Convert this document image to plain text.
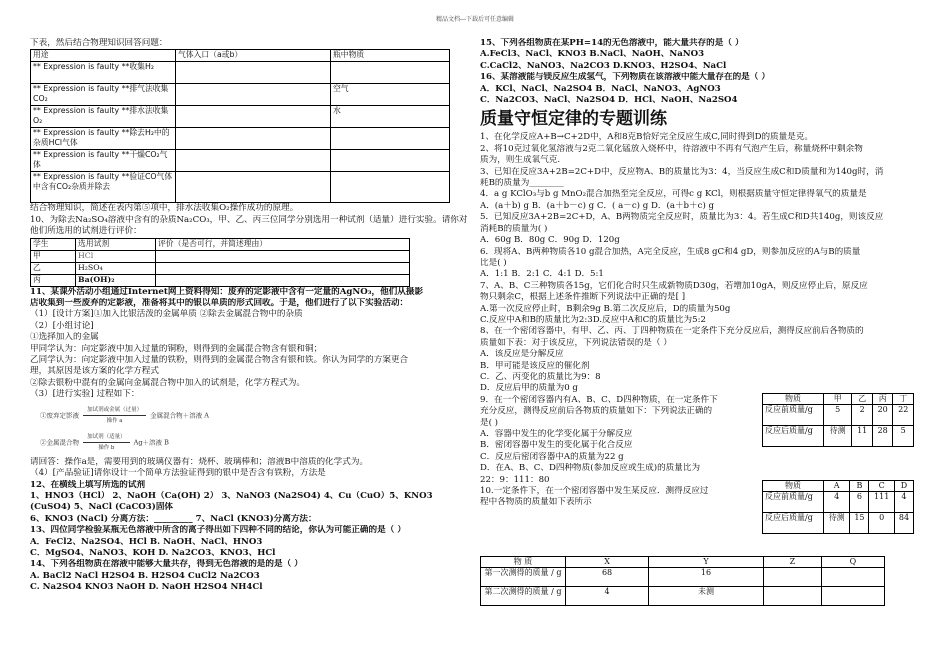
精品文档---下载后可任意编辑
下表，然后结合物理知识回答问题：
用途	气体入口（a或b）	瓶中物质
** Expression is faulty **收集H₂		
** Expression is faulty **排气法收集CO₂		空气
** Expression is faulty **排水法收集O₂		水
** Expression is faulty **除去H₂中的杂质HCl气体		
** Expression is faulty **干燥CO₂气体		
** Expression is faulty **验证CO气体中含有CO₂杂质并除去		
结合物理知识，简述在表内第⑤项中，排水法收集O₂操作成功的原理。
10、为除去Na₂SO₄溶液中含有的杂质Na₂CO₃，甲、乙、丙三位同学分别选用一种试剂（适量）进行实验。请你对他们所选用的试剂进行评价：
学生	选用试剂	评价（是否可行，并简述理由）
甲	HCl	
乙	H₂SO₄	
丙	Ba(OH)₂	
11、某课外活动小组通过Internet网上资料得知：废弃的定影液中含有一定量的AgNO₃，他们从摄影
店收集到一些废弃的定影液，准备将其中的银以单质的形式回收。于是，他们进行了以下实验活动：
（1）[设计方案]①加入比银活泼的金属单质 ②除去金属混合物中的杂质
（2）[小组讨论]
①选择加入的金属
甲同学认为：向定影液中加入过量的铜粉，则得到的金属混合物含有银和铜；
乙同学认为：向定影液中加入过量的铁粉，则得到的金属混合物含有银和铁。你认为同学的方案更合
理，其原因是该方案的化学方程式
②除去银粉中混有的金属向金属混合物中加入的试剂是，化学方程式为。
（3）[进行实验] 过程如下：
①废弃定影液 加试剂或金属（过量）
操作 a 金属混合物＋溶液 A
②金属混合物 加试剂（适量）
操作 b Ag＋溶液 B
请回答：操作a是，需要用到的玻璃仪器有：烧杯、玻璃棒和；溶液B中溶质的化学式为。
（4）[产品验证]请你设计一个简单方法验证得到的银中是否含有铁粉，方法是
12、在横线上填写所选的试剂
1、HNO3（HCl） 2、NaOH（Ca(OH) 2） 3、NaNO3 (Na2SO4) 4、Cu（CuO）5、KNO3
(CuSO4) 5、NaCl (CaCO3)固体
6、KNO3 (NaCl) 分离方法：_________ 7、NaCl (KNO3)分离方法：
13、四位同学检验某瓶无色溶液中所含的离子得出如下四种不同的结论，你认为可能正确的是（ ）
A．FeCl2、Na2SO4、HCl B. NaOH、NaCl、HNO3
C．MgSO4、NaNO3、KOH D. Na2CO3、KNO3、HCl
14、下列各组物质在溶液中能够大量共存，得到无色溶液的是的是（ ）
A. BaCl2 NaCl H2SO4 B. H2SO4 CuCl2 Na2CO3
C. Na2SO4 KNO3 NaOH D. NaOH H2SO4 NH4Cl
15、下列各组物质在某PH=14的无色溶液中，能大量共存的是（ ）
A.FeCl3、NaCl、KNO3 B.NaCl、NaOH、NaNO3
C.CaCl2、NaNO3、Na2CO3 D.KNO3、H2SO4、NaCl
16、某溶液能与镁反应生成氢气，下列物质在该溶液中能大量存在的是（ ）
A．KCl、NaCl、Na2SO4 B．NaCl、NaNO3、AgNO3
C．Na2CO3、NaCl、Na2SO4 D．HCl、NaOH、Na2SO4
质量守恒定律的专题训练
1、在化学反应A+B→C+2D中，A和8克B恰好完全反应生成C,同时得到D的质量是克。
2、将10克过氧化氢溶液与2克二氧化锰放入烧杯中，待溶液中不再有气泡产生后，称量烧杯中剩余物
质为，则生成氧气克.
3、已知在反应3A+2B=2C+D中，反应物A、B的质量比为3：4，当反应生成C和D质量和为140g时，消
耗B的质量为________
4．a g KClO₃与b g MnO₂混合加热至完全反应，可得c g KCl，则根据质量守恒定律得氧气的质量是
A．(a＋b) g B．(a＋b－c) g C．( a－c) g D．(a＋b＋c) g
5．已知反应3A+2B=2C+D，A、B两物质完全反应时，质量比为3：4。若生成C和D共140g，则该反应
消耗B的质量为( )
A．60g B．80g C．90g D．120g
6．现将A、B两种物质各10 g混合加热，A完全反应，生成8 gC和4 gD，则参加反应的A与B的质量
比是( )
A．1:1 B．2:1 C．4:1 D．5:1
7、A、B、C三种物质各15g，它们化合时只生成新物质D30g，若增加10gA，则反应停止后，原反应
物只剩余C，根据上述条件推断下列说法中正确的是[ ]
A.第一次反应停止时，B剩余9g B.第二次反应后，D的质量为50g
C.反应中A和B的质量比为2:3D.反应中A和C的质量比为5:2
8、在一个密闭容器中，有甲、乙、丙、丁四种物质在一定条件下充分反应后，测得反应前后各物质的
质量如下表：对于该反应，下列说法错误的是（ ）
A．该反应是分解反应
B．甲可能是该反应的催化剂
C．乙、丙变化的质量比为9：8
D．反应后甲的质量为0 g
9．在一个密闭容器内有A、B、C、D四种物质，在一定条件下
充分反应，测得反应前后各物质的质量如下：下列说法正确的
是( )
A．容器中发生的化学变化属于分解反应
B．密闭容器中发生的变化属于化合反应
C．反应后密闭容器中A的质量为22 g
D．在A、B、C、D四种物质(参加反应或生成)的质量比为
22：9：111：80
10.一定条件下，在一个密闭容器中发生某反应．测得反应过
程中各物质的质量如下表所示
物质	甲	乙	丙	丁
反应前质量/g	5	2	20	22
反应后质量/g	待测	11	28	5
物质	A	B	C	D
反应前质量/g	4	6	111	4
反应后质量/g	待测	15	0	84
物 质	X	Y	Z	Q
第一次测得的质量 / g	68	16		
第二次测得的质量 / g	4	未测		
